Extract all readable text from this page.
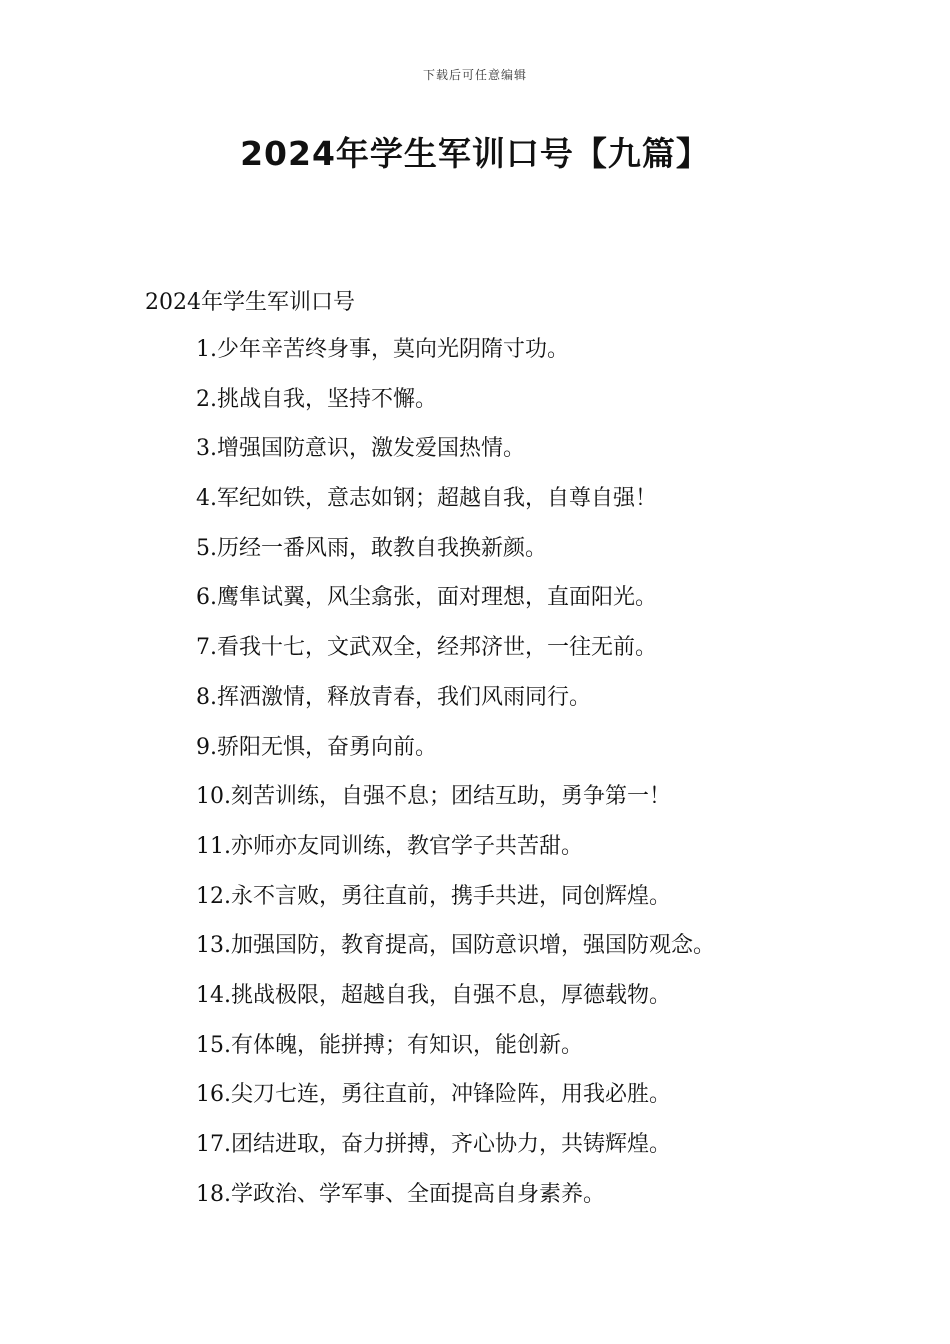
下载后可任意编辑
2024年学生军训口号【九篇】
2024年学生军训口号
1.少年辛苦终身事，莫向光阴隋寸功。
2.挑战自我，坚持不懈。
3.增强国防意识，激发爱国热情。
4.军纪如铁，意志如钢；超越自我，自尊自强！
5.历经一番风雨，敢教自我换新颜。
6.鹰隼试翼，风尘翕张，面对理想，直面阳光。
7.看我十七，文武双全，经邦济世，一往无前。
8.挥洒激情，释放青春，我们风雨同行。
9.骄阳无惧，奋勇向前。
10.刻苦训练，自强不息；团结互助，勇争第一！
11.亦师亦友同训练，教官学子共苦甜。
12.永不言败，勇往直前，携手共进，同创辉煌。
13.加强国防，教育提高，国防意识增，强国防观念。
14.挑战极限，超越自我，自强不息，厚德载物。
15.有体魄，能拼搏；有知识，能创新。
16.尖刀七连，勇往直前，冲锋险阵，用我必胜。
17.团结进取，奋力拼搏，齐心协力，共铸辉煌。
18.学政治、学军事、全面提高自身素养。
